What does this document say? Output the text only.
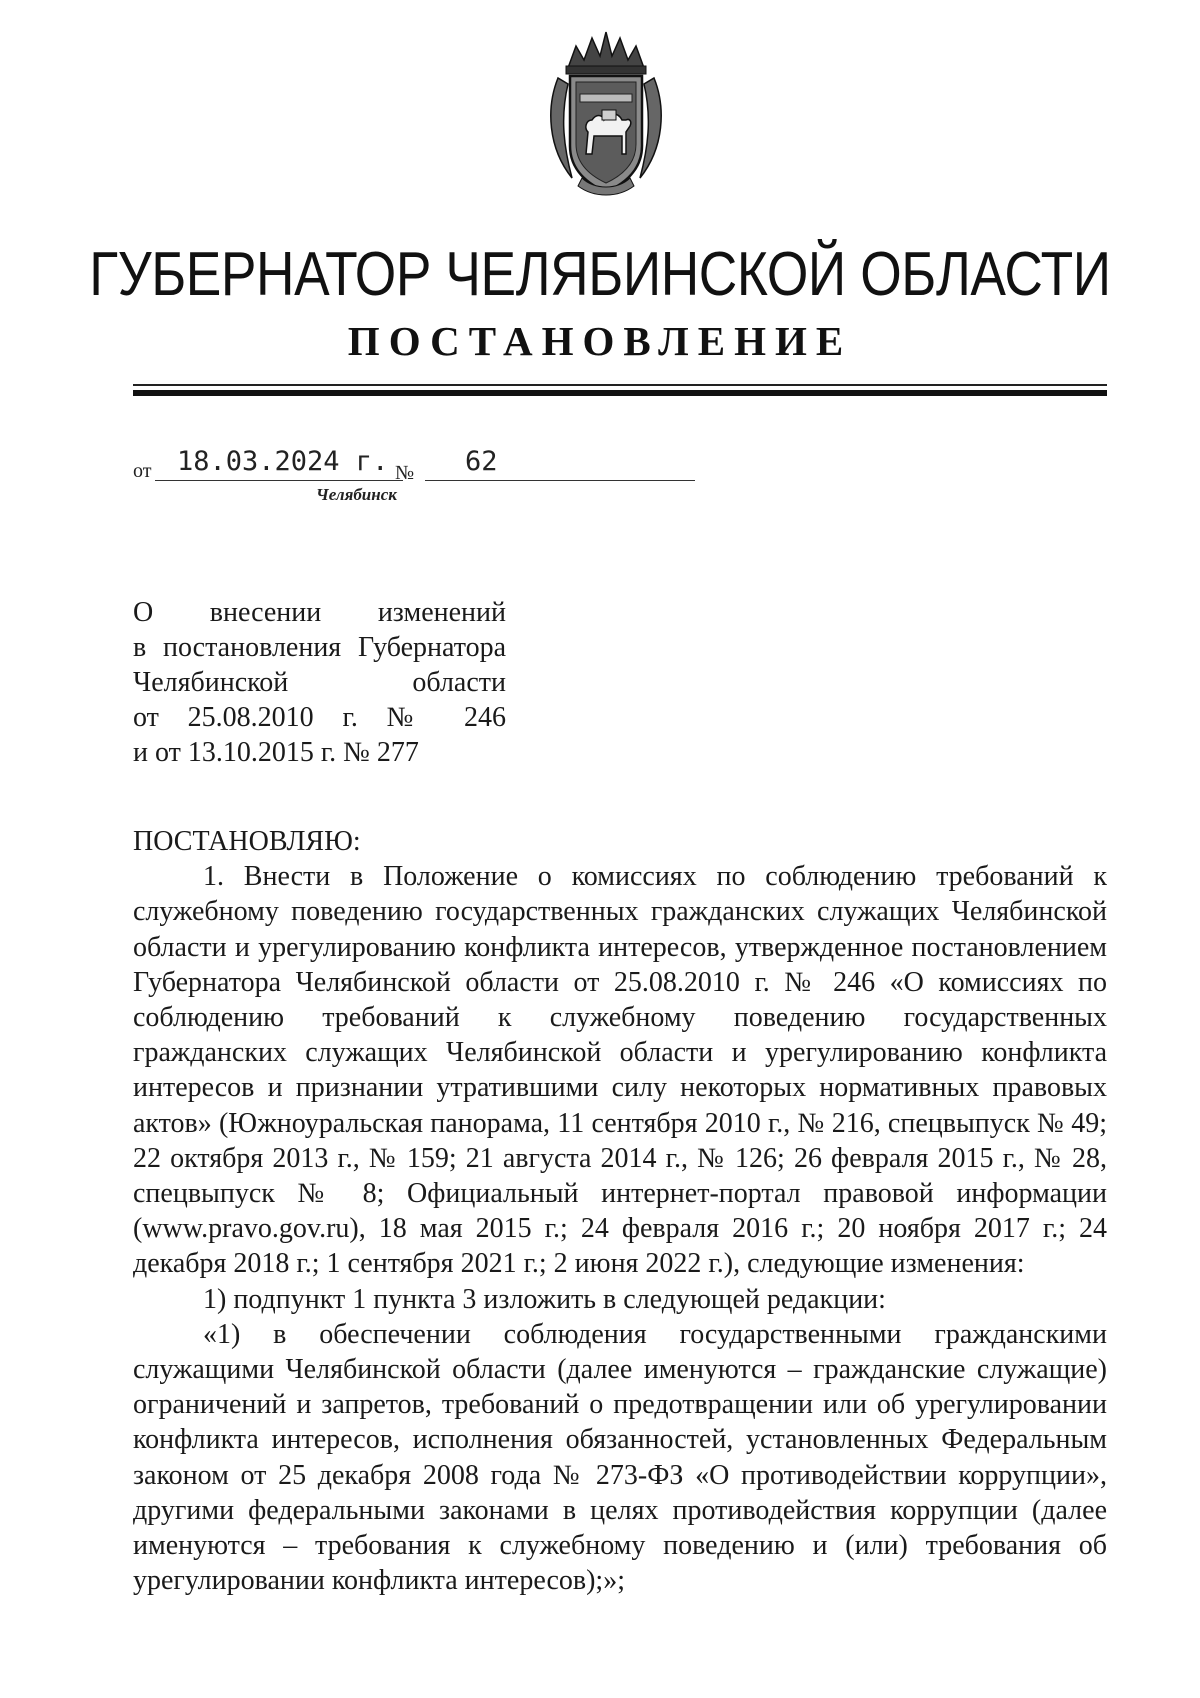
ГУБЕРНАТОР ЧЕЛЯБИНСКОЙ ОБЛАСТИ
ПОСТАНОВЛЕНИЕ
от 18.03.2024 г. № 62
Челябинск
О внесении изменений
в постановления Губернатора
Челябинской области
от 25.08.2010 г. № 246
и от 13.10.2015 г. № 277

ПОСТАНОВЛЯЮ:

1. Внести в Положение о комиссиях по соблюдению требований к служебному поведению государственных гражданских служащих Челябинской области и урегулированию конфликта интересов, утвержденное постановлением Губернатора Челябинской области от 25.08.2010 г. № 246 «О комиссиях по соблюдению требований к служебному поведению государственных гражданских служащих Челябинской области и урегулированию конфликта интересов и признании утратившими силу некоторых нормативных правовых актов» (Южноуральская панорама, 11 сентября 2010 г., № 216, спецвыпуск № 49; 22 октября 2013 г., № 159; 21 августа 2014 г., № 126; 26 февраля 2015 г., № 28, спецвыпуск № 8; Официальный интернет-портал правовой информации (www.pravo.gov.ru), 18 мая 2015 г.; 24 февраля 2016 г.; 20 ноября 2017 г.; 24 декабря 2018 г.; 1 сентября 2021 г.; 2 июня 2022 г.), следующие изменения:

1) подпункт 1 пункта 3 изложить в следующей редакции:

«1) в обеспечении соблюдения государственными гражданскими служащими Челябинской области (далее именуются – гражданские служащие) ограничений и запретов, требований о предотвращении или об урегулировании конфликта интересов, исполнения обязанностей, установленных Федеральным законом от 25 декабря 2008 года № 273-ФЗ «О противодействии коррупции», другими федеральными законами в целях противодействия коррупции (далее именуются – требования к служебному поведению и (или) требования об урегулировании конфликта интересов);»;
